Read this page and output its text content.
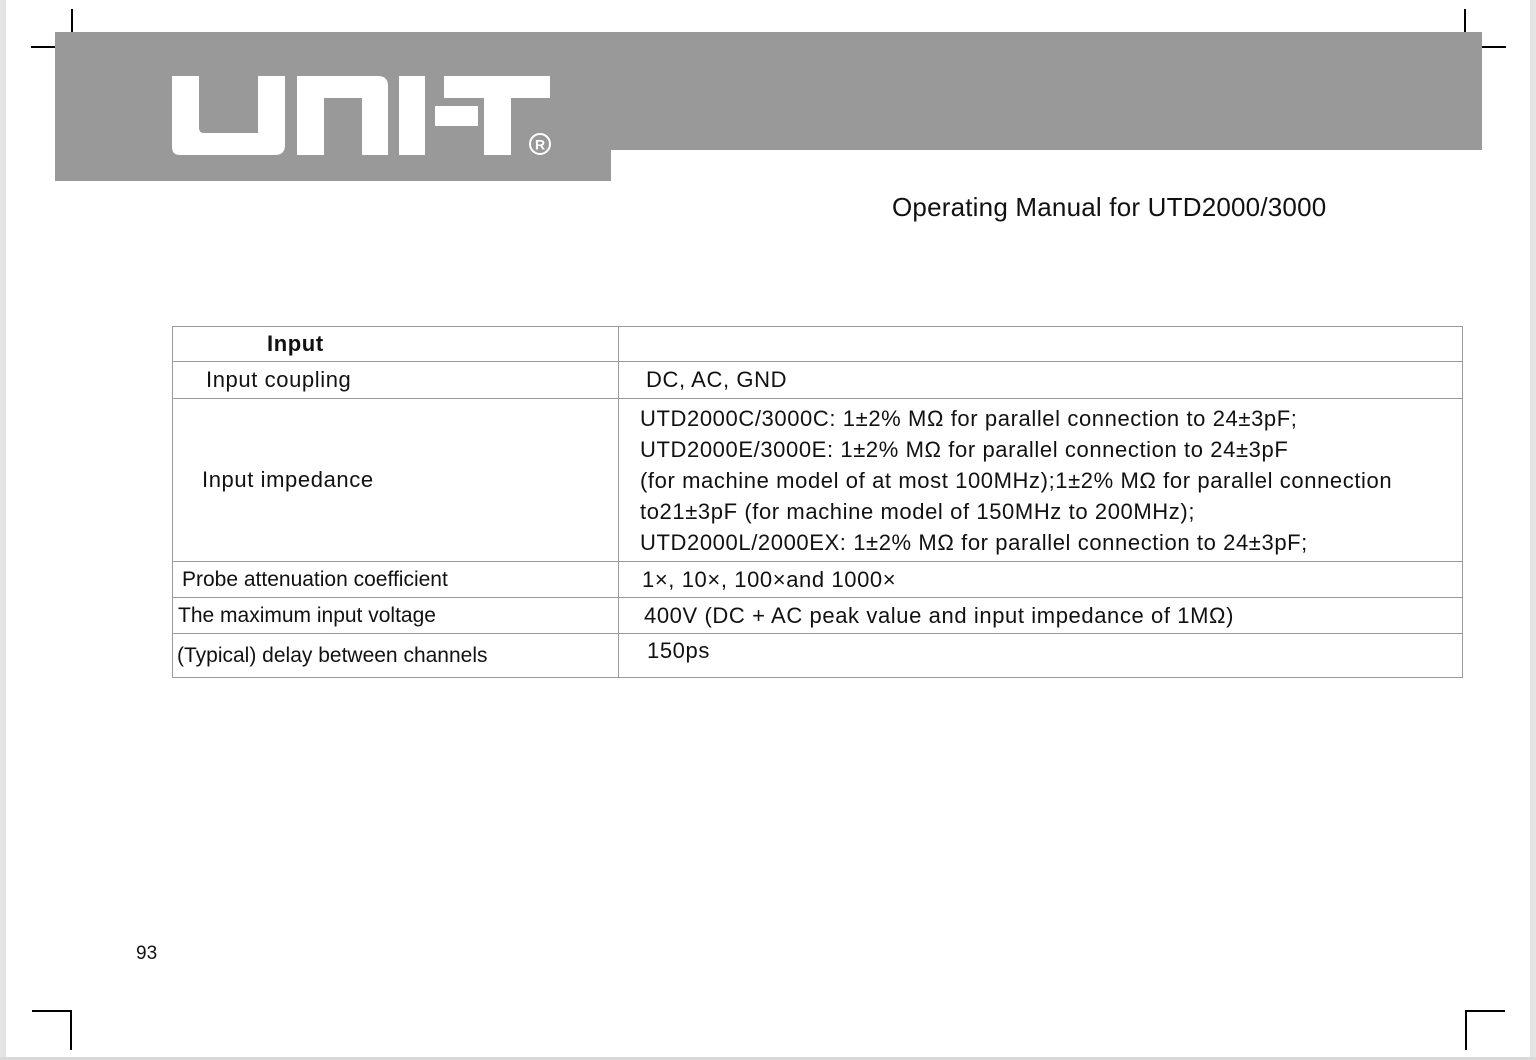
R
Operating Manual for UTD2000/3000
Input	
Input coupling	DC, AC, GND
Input impedance	UTD2000C/3000C: 1±2% MΩ for parallel connection to 24±3pF;
UTD2000E/3000E: 1±2% MΩ for parallel connection to 24±3pF
(for machine model of at most 100MHz);1±2% MΩ for parallel connection
to21±3pF (for machine model of 150MHz to 200MHz);
UTD2000L/2000EX: 1±2% MΩ for parallel connection to 24±3pF;

Probe attenuation coefficient	1×, 10×, 100×and 1000×
The maximum input voltage	400V (DC + AC peak value and input impedance of 1MΩ)
(Typical) delay between channels	150ps
93
